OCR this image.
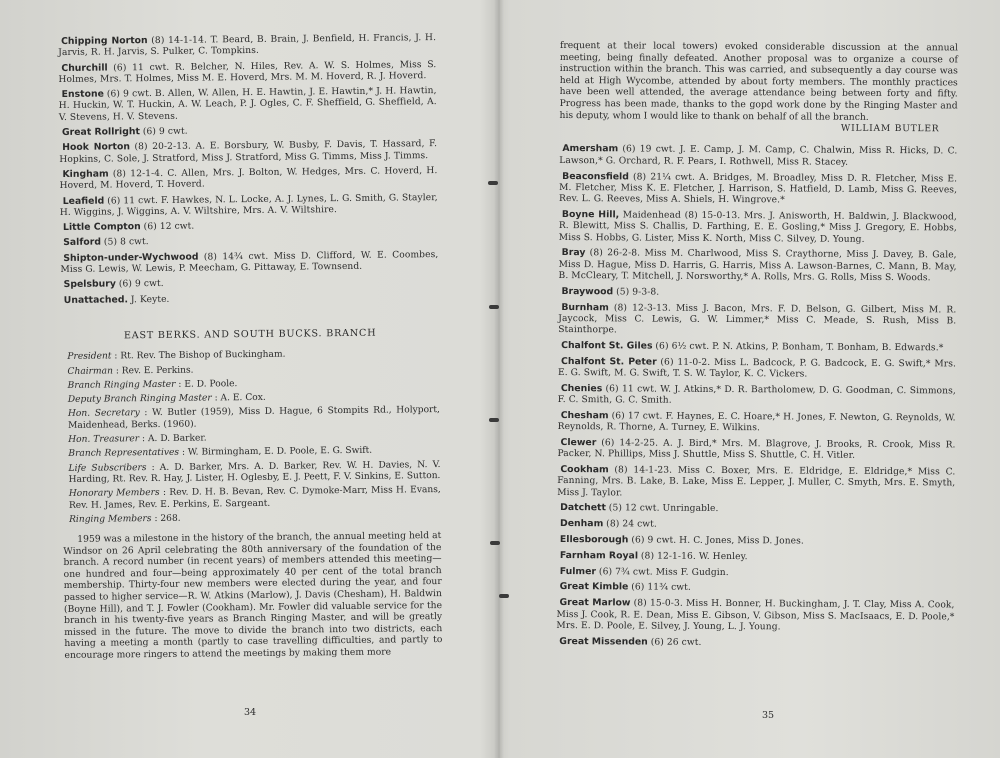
Chipping Norton (8) 14-1-14. T. Beard, B. Brain, J. Benfield, H. Francis, J. H. Jarvis, R. H. Jarvis, S. Pulker, C. Tompkins.
Churchill (6) 11 cwt. R. Belcher, N. Hiles, Rev. A. W. S. Holmes, Miss S. Holmes, Mrs. T. Holmes, Miss M. E. Hoverd, Mrs. M. M. Hoverd, R. J. Hoverd.
Enstone (6) 9 cwt. B. Allen, W. Allen, H. E. Hawtin, J. E. Hawtin,* J. H. Hawtin, H. Huckin, W. T. Huckin, A. W. Leach, P. J. Ogles, C. F. Sheffield, G. Sheffield, A. V. Stevens, H. V. Stevens.
Great Rollright (6) 9 cwt.
Hook Norton (8) 20-2-13. A. E. Borsbury, W. Busby, F. Davis, T. Hassard, F. Hopkins, C. Sole, J. Stratford, Miss J. Stratford, Miss G. Timms, Miss J. Timms.
Kingham (8) 12-1-4. C. Allen, Mrs. J. Bolton, W. Hedges, Mrs. C. Hoverd, H. Hoverd, M. Hoverd, T. Hoverd.
Leafield (6) 11 cwt. F. Hawkes, N. L. Locke, A. J. Lynes, L. G. Smith, G. Stayler, H. Wiggins, J. Wiggins, A. V. Wiltshire, Mrs. A. V. Wiltshire.
Little Compton (6) 12 cwt.
Salford (5) 8 cwt.
Shipton-under-Wychwood (8) 14¾ cwt. Miss D. Clifford, W. E. Coombes, Miss G. Lewis, W. Lewis, P. Meecham, G. Pittaway, E. Townsend.
Spelsbury (6) 9 cwt.
Unattached. J. Keyte.
EAST BERKS. AND SOUTH BUCKS. BRANCH
President : Rt. Rev. The Bishop of Buckingham.
Chairman : Rev. E. Perkins.
Branch Ringing Master : E. D. Poole.
Deputy Branch Ringing Master : A. E. Cox.
Hon. Secretary : W. Butler (1959), Miss D. Hague, 6 Stompits Rd., Holyport, Maidenhead, Berks. (1960).
Hon. Treasurer : A. D. Barker.
Branch Representatives : W. Birmingham, E. D. Poole, E. G. Swift.
Life Subscribers : A. D. Barker, Mrs. A. D. Barker, Rev. W. H. Davies, N. V. Harding, Rt. Rev. R. Hay, J. Lister, H. Oglesby, E. J. Peett, F. V. Sinkins, E. Sutton.
Honorary Members : Rev. D. H. B. Bevan, Rev. C. Dymoke-Marr, Miss H. Evans, Rev. H. James, Rev. E. Perkins, E. Sargeant.
Ringing Members : 268.
1959 was a milestone in the history of the branch, the annual meeting held at Windsor on 26 April celebrating the 80th anniversary of the foundation of the branch. A record number (in recent years) of members attended this meeting—one hundred and four—being approximately 40 per cent of the total branch membership. Thirty-four new members were elected during the year, and four passed to higher service—R. W. Atkins (Marlow), J. Davis (Chesham), H. Baldwin (Boyne Hill), and T. J. Fowler (Cookham). Mr. Fowler did valuable service for the branch in his twenty-five years as Branch Ringing Master, and will be greatly missed in the future. The move to divide the branch into two districts, each having a meeting a month (partly to case travelling difficulties, and partly to encourage more ringers to attend the meetings by making them more
34
frequent at their local towers) evoked considerable discussion at the annual meeting, being finally defeated. Another proposal was to organize a course of instruction within the branch. This was carried, and subsequently a day course was held at High Wycombe, attended by about forty members. The monthly practices have been well attended, the average attendance being between forty and fifty. Progress has been made, thanks to the gopd work done by the Ringing Master and his deputy, whom I would like to thank on behalf of all the branch.
WILLIAM BUTLER
Amersham (6) 19 cwt. J. E. Camp, J. M. Camp, C. Chalwin, Miss R. Hicks, D. C. Lawson,* G. Orchard, R. F. Pears, I. Rothwell, Miss R. Stacey.
Beaconsfield (8) 21¼ cwt. A. Bridges, M. Broadley, Miss D. R. Fletcher, Miss E. M. Fletcher, Miss K. E. Fletcher, J. Harrison, S. Hatfield, D. Lamb, Miss G. Reeves, Rev. L. G. Reeves, Miss A. Shiels, H. Wingrove.*
Boyne Hill, Maidenhead (8) 15-0-13. Mrs. J. Anisworth, H. Baldwin, J. Blackwood, R. Blewitt, Miss S. Challis, D. Farthing, E. E. Gosling,* Miss J. Gregory, E. Hobbs, Miss S. Hobbs, G. Lister, Miss K. North, Miss C. Silvey, D. Young.
Bray (8) 26-2-8. Miss M. Charlwood, Miss S. Craythorne, Miss J. Davey, B. Gale, Miss D. Hague, Miss D. Harris, G. Harris, Miss A. Lawson-Barnes, C. Mann, B. May, B. McCleary, T. Mitchell, J. Norsworthy,* A. Rolls, Mrs. G. Rolls, Miss S. Woods.
Braywood (5) 9-3-8.
Burnham (8) 12-3-13. Miss J. Bacon, Mrs. F. D. Belson, G. Gilbert, Miss M. R. Jaycock, Miss C. Lewis, G. W. Limmer,* Miss C. Meade, S. Rush, Miss B. Stainthorpe.
Chalfont St. Giles (6) 6½ cwt. P. N. Atkins, P. Bonham, T. Bonham, B. Edwards.*
Chalfont St. Peter (6) 11-0-2. Miss L. Badcock, P. G. Badcock, E. G. Swift,* Mrs. E. G. Swift, M. G. Swift, T. S. W. Taylor, K. C. Vickers.
Chenies (6) 11 cwt. W. J. Atkins,* D. R. Bartholomew, D. G. Goodman, C. Simmons, F. C. Smith, G. C. Smith.
Chesham (6) 17 cwt. F. Haynes, E. C. Hoare,* H. Jones, F. Newton, G. Reynolds, W. Reynolds, R. Thorne, A. Turney, E. Wilkins.
Clewer (6) 14-2-25. A. J. Bird,* Mrs. M. Blagrove, J. Brooks, R. Crook, Miss R. Packer, N. Phillips, Miss J. Shuttle, Miss S. Shuttle, C. H. Vitler.
Cookham (8) 14-1-23. Miss C. Boxer, Mrs. E. Eldridge, E. Eldridge,* Miss C. Fanning, Mrs. B. Lake, B. Lake, Miss E. Lepper, J. Muller, C. Smyth, Mrs. E. Smyth, Miss J. Taylor.
Datchett (5) 12 cwt. Unringable.
Denham (8) 24 cwt.
Ellesborough (6) 9 cwt. H. C. Jones, Miss D. Jones.
Farnham Royal (8) 12-1-16. W. Henley.
Fulmer (6) 7¾ cwt. Miss F. Gudgin.
Great Kimble (6) 11¾ cwt.
Great Marlow (8) 15-0-3. Miss H. Bonner, H. Buckingham, J. T. Clay, Miss A. Cook, Miss J. Cook, R. E. Dean, Miss E. Gibson, V. Gibson, Miss S. MacIsaacs, E. D. Poole,* Mrs. E. D. Poole, E. Silvey, J. Young, L. J. Young.
Great Missenden (6) 26 cwt.
35
